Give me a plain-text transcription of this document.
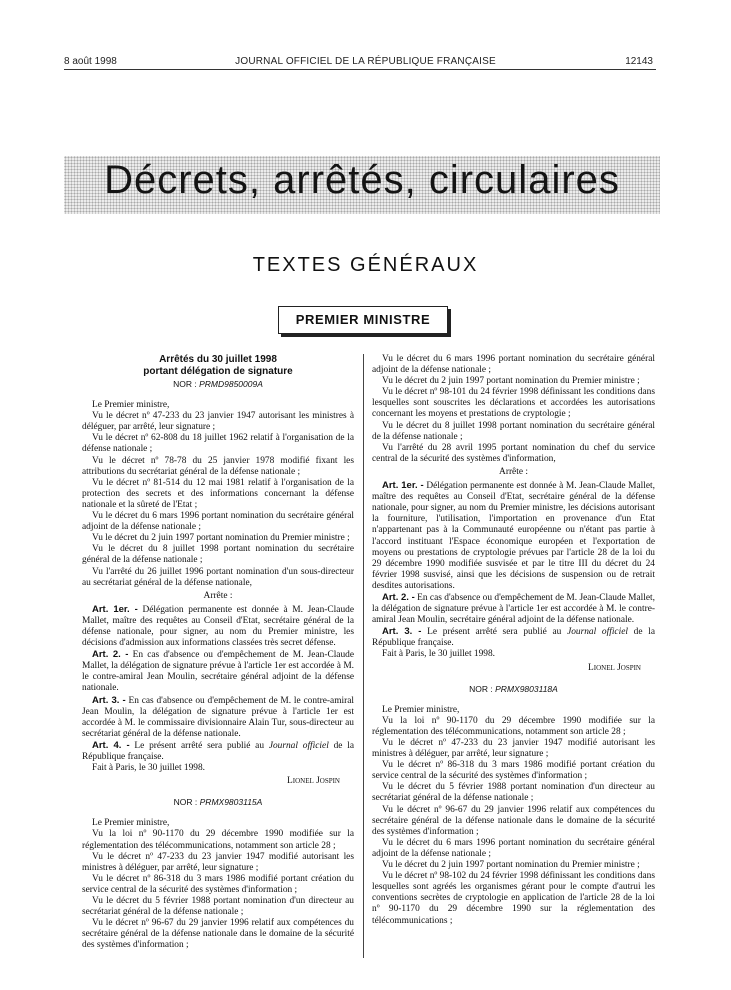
8 août 1998	JOURNAL OFFICIEL DE LA RÉPUBLIQUE FRANÇAISE	12143
Décrets, arrêtés, circulaires
TEXTES GÉNÉRAUX
PREMIER MINISTRE

Arrêtés du 30 juillet 1998

portant délégation de signature

NOR : PRMD9850009A

Le Premier ministre,

Vu le décret nº 47-233 du 23 janvier 1947 autorisant les ministres à déléguer, par arrêté, leur signature ;

Vu le décret nº 62-808 du 18 juillet 1962 relatif à l'organisation de la défense nationale ;

Vu le décret nº 78-78 du 25 janvier 1978 modifié fixant les attributions du secrétariat général de la défense nationale ;

Vu le décret nº 81-514 du 12 mai 1981 relatif à l'organisation de la protection des secrets et des informations concernant la défense nationale et la sûreté de l'Etat ;

Vu le décret du 6 mars 1996 portant nomination du secrétaire général adjoint de la défense nationale ;

Vu le décret du 2 juin 1997 portant nomination du Premier ministre ;

Vu le décret du 8 juillet 1998 portant nomination du secrétaire général de la défense nationale ;

Vu l'arrêté du 26 juillet 1996 portant nomination d'un sous-directeur au secrétariat général de la défense nationale,

Arrête :

Art. 1er. - Délégation permanente est donnée à M. Jean-Claude Mallet, maître des requêtes au Conseil d'Etat, secrétaire général de la défense nationale, pour signer, au nom du Premier ministre, les décisions d'admission aux informations classées très secret défense.

Art. 2. - En cas d'absence ou d'empêchement de M. Jean-Claude Mallet, la délégation de signature prévue à l'article 1er est accordée à M. le contre-amiral Jean Moulin, secrétaire général adjoint de la défense nationale.

Art. 3. - En cas d'absence ou d'empêchement de M. le contre-amiral Jean Moulin, la délégation de signature prévue à l'article 1er est accordée à M. le commissaire divisionnaire Alain Tur, sous-directeur au secrétariat général de la défense nationale.

Art. 4. - Le présent arrêté sera publié au Journal officiel de la République française.

Fait à Paris, le 30 juillet 1998.

Lionel Jospin

NOR : PRMX9803115A

Le Premier ministre,

Vu la loi nº 90-1170 du 29 décembre 1990 modifiée sur la réglementation des télécommunications, notamment son article 28 ;

Vu le décret nº 47-233 du 23 janvier 1947 modifié autorisant les ministres à déléguer, par arrêté, leur signature ;

Vu le décret nº 86-318 du 3 mars 1986 modifié portant création du service central de la sécurité des systèmes d'information ;

Vu le décret du 5 février 1988 portant nomination d'un directeur au secrétariat général de la défense nationale ;

Vu le décret nº 96-67 du 29 janvier 1996 relatif aux compétences du secrétaire général de la défense nationale dans le domaine de la sécurité des systèmes d'information ;

Vu le décret du 6 mars 1996 portant nomination du secrétaire général adjoint de la défense nationale ;

Vu le décret du 2 juin 1997 portant nomination du Premier ministre ;

Vu le décret nº 98-101 du 24 février 1998 définissant les conditions dans lesquelles sont souscrites les déclarations et accordées les autorisations concernant les moyens et prestations de cryptologie ;

Vu le décret du 8 juillet 1998 portant nomination du secrétaire général de la défense nationale ;

Vu l'arrêté du 28 avril 1995 portant nomination du chef du service central de la sécurité des systèmes d'information,

Arrête :

Art. 1er. - Délégation permanente est donnée à M. Jean-Claude Mallet, maître des requêtes au Conseil d'Etat, secrétaire général de la défense nationale, pour signer, au nom du Premier ministre, les décisions autorisant la fourniture, l'utilisation, l'importation en provenance d'un Etat n'appartenant pas à la Communauté européenne ou n'étant pas partie à l'accord instituant l'Espace économique européen et l'exportation de moyens ou prestations de cryptologie prévues par l'article 28 de la loi du 29 décembre 1990 modifiée susvisée et par le titre III du décret du 24 février 1998 susvisé, ainsi que les décisions de suspension ou de retrait desdites autorisations.

Art. 2. - En cas d'absence ou d'empêchement de M. Jean-Claude Mallet, la délégation de signature prévue à l'article 1er est accordée à M. le contre-amiral Jean Moulin, secrétaire général adjoint de la défense nationale.

Art. 3. - Le présent arrêté sera publié au Journal officiel de la République française.

Fait à Paris, le 30 juillet 1998.

Lionel Jospin

NOR : PRMX9803118A

Le Premier ministre,

Vu la loi nº 90-1170 du 29 décembre 1990 modifiée sur la réglementation des télécommunications, notamment son article 28 ;

Vu le décret nº 47-233 du 23 janvier 1947 modifié autorisant les ministres à déléguer, par arrêté, leur signature ;

Vu le décret nº 86-318 du 3 mars 1986 modifié portant création du service central de la sécurité des systèmes d'information ;

Vu le décret du 5 février 1988 portant nomination d'un directeur au secrétariat général de la défense nationale ;

Vu le décret nº 96-67 du 29 janvier 1996 relatif aux compétences du secrétaire général de la défense nationale dans le domaine de la sécurité des systèmes d'information ;

Vu le décret du 6 mars 1996 portant nomination du secrétaire général adjoint de la défense nationale ;

Vu le décret du 2 juin 1997 portant nomination du Premier ministre ;

Vu le décret nº 98-102 du 24 février 1998 définissant les conditions dans lesquelles sont agréés les organismes gérant pour le compte d'autrui les conventions secrètes de cryptologie en application de l'article 28 de la loi nº 90-1170 du 29 décembre 1990 sur la réglementation des télécommunications ;
